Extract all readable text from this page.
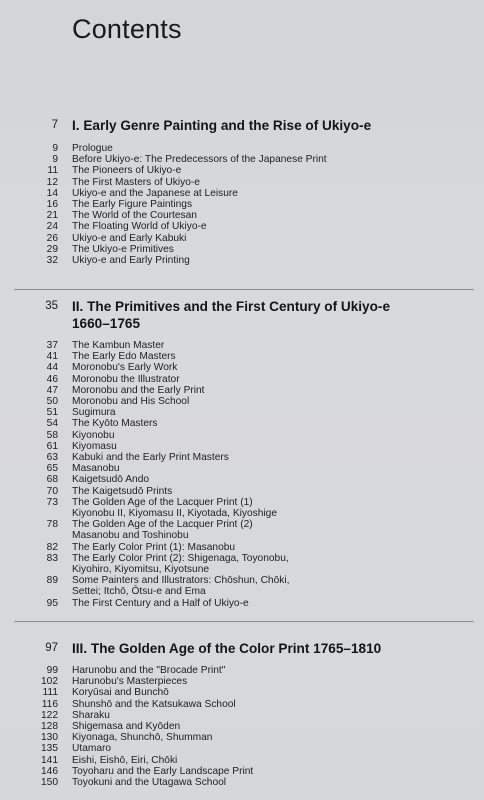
Contents
7 I. Early Genre Painting and the Rise of Ukiyo-e
9 Prologue
9 Before Ukiyo-e: The Predecessors of the Japanese Print
11 The Pioneers of Ukiyo-e
12 The First Masters of Ukiyo-e
14 Ukiyo-e and the Japanese at Leisure
16 The Early Figure Paintings
21 The World of the Courtesan
24 The Floating World of Ukiyo-e
26 Ukiyo-e and Early Kabuki
29 The Ukiyo-e Primitives
32 Ukiyo-e and Early Printing
35 II. The Primitives and the First Century of Ukiyo-e
1660–1765
37 The Kambun Master
41 The Early Edo Masters
44 Moronobu's Early Work
46 Moronobu the Illustrator
47 Moronobu and the Early Print
50 Moronobu and His School
51 Sugimura
54 The Kyōto Masters
58 Kiyonobu
61 Kiyomasu
63 Kabuki and the Early Print Masters
65 Masanobu
68 Kaigetsudō Ando
70 The Kaigetsudō Prints
73 The Golden Age of the Lacquer Print (1)
Kiyonobu II, Kiyomasu II, Kiyotada, Kiyoshige
78 The Golden Age of the Lacquer Print (2)
Masanobu and Toshinobu
82 The Early Color Print (1): Masanobu
83 The Early Color Print (2): Shigenaga, Toyonobu,
Kiyohiro, Kiyomitsu, Kiyotsune
89 Some Painters and Illustrators: Chōshun, Chōki,
Settei; Itchō, Ōtsu-e and Ema
95 The First Century and a Half of Ukiyo-e
97 III. The Golden Age of the Color Print 1765–1810
99 Harunobu and the "Brocade Print"
102 Harunobu's Masterpieces
111 Koryūsai and Bunchō
116 Shunshō and the Katsukawa School
122 Sharaku
128 Shigemasa and Kyōden
130 Kiyonaga, Shunchō, Shumman
135 Utamaro
141 Eishi, Eishō, Eiri, Chōki
146 Toyoharu and the Early Landscape Print
150 Toyokuni and the Utagawa School
